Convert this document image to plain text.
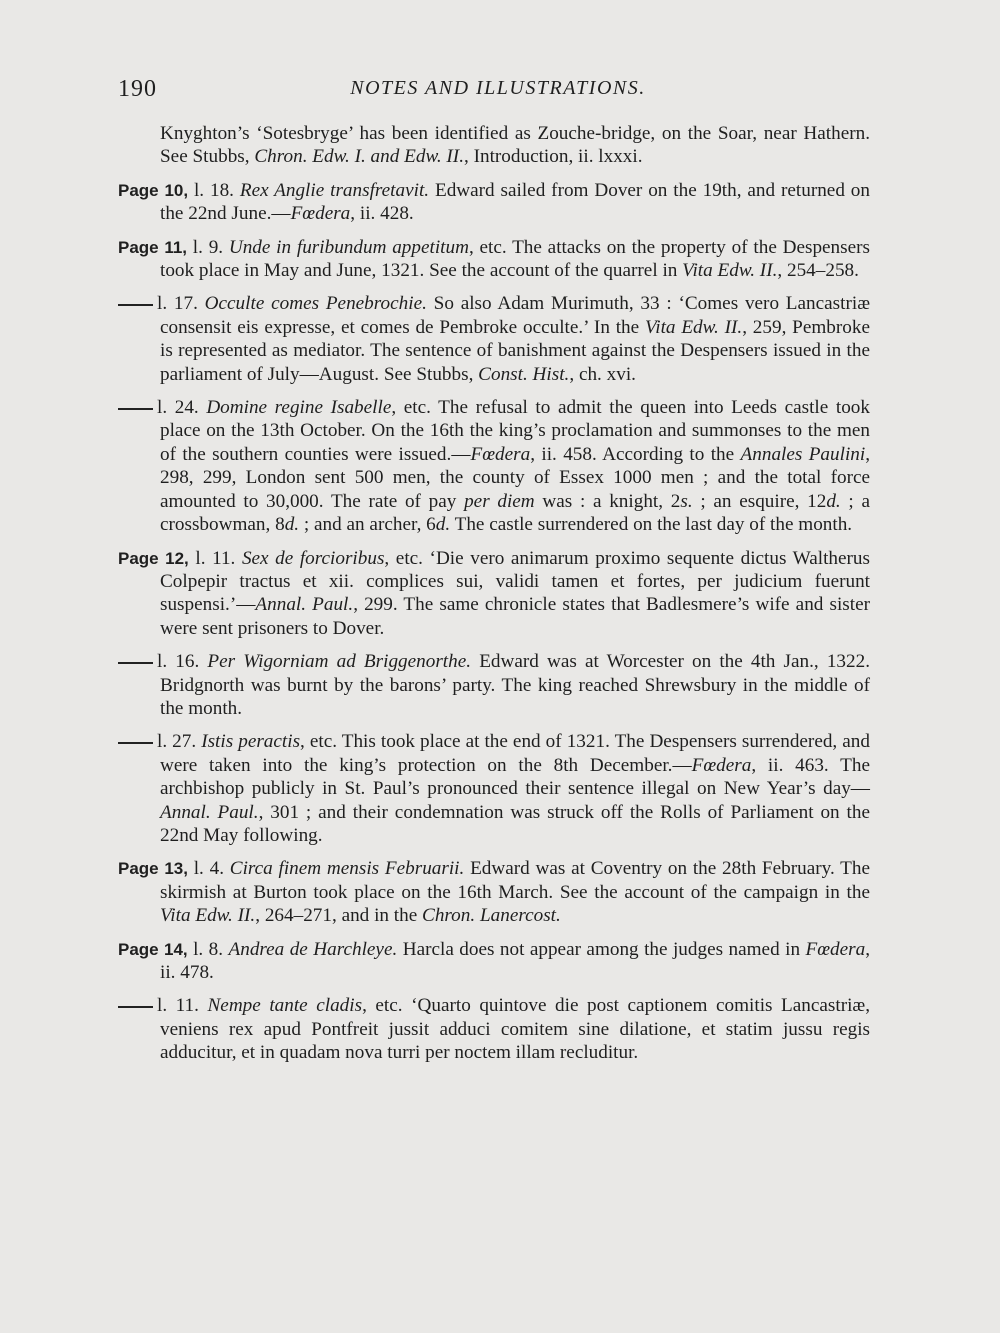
190	NOTES AND ILLUSTRATIONS.

Knyghton’s ‘Sotesbryge’ has been identified as Zouche-bridge, on the Soar, near Hathern. See Stubbs, Chron. Edw. I. and Edw. II., Introduction, ii. lxxxi.

Page 10, l. 18. Rex Anglie transfretavit. Edward sailed from Dover on the 19th, and returned on the 22nd June.—Fœdera, ii. 428.

Page 11, l. 9. Unde in furibundum appetitum, etc. The attacks on the property of the Despensers took place in May and June, 1321. See the account of the quarrel in Vita Edw. II., 254–258.

l. 17. Occulte comes Penebrochie. So also Adam Murimuth, 33 : ‘Comes vero Lancastriæ consensit eis expresse, et comes de Pembroke occulte.’ In the Vita Edw. II., 259, Pembroke is represented as mediator. The sentence of banishment against the Despensers issued in the parliament of July—August. See Stubbs, Const. Hist., ch. xvi.

l. 24. Domine regine Isabelle, etc. The refusal to admit the queen into Leeds castle took place on the 13th October. On the 16th the king’s proclamation and summonses to the men of the southern counties were issued.—Fœdera, ii. 458. According to the Annales Paulini, 298, 299, London sent 500 men, the county of Essex 1000 men ; and the total force amounted to 30,000. The rate of pay per diem was : a knight, 2s. ; an esquire, 12d. ; a crossbowman, 8d. ; and an archer, 6d. The castle surrendered on the last day of the month.

Page 12, l. 11. Sex de forcioribus, etc. ‘Die vero animarum proximo sequente dictus Waltherus Colpepir tractus et xii. complices sui, validi tamen et fortes, per judicium fuerunt suspensi.’—Annal. Paul., 299. The same chronicle states that Badlesmere’s wife and sister were sent prisoners to Dover.

l. 16. Per Wigorniam ad Briggenorthe. Edward was at Worcester on the 4th Jan., 1322. Bridgnorth was burnt by the barons’ party. The king reached Shrewsbury in the middle of the month.

l. 27. Istis peractis, etc. This took place at the end of 1321. The Despensers surrendered, and were taken into the king’s protection on the 8th December.—Fœdera, ii. 463. The archbishop publicly in St. Paul’s pronounced their sentence illegal on New Year’s day—Annal. Paul., 301 ; and their condemnation was struck off the Rolls of Parliament on the 22nd May following.

Page 13, l. 4. Circa finem mensis Februarii. Edward was at Coventry on the 28th February. The skirmish at Burton took place on the 16th March. See the account of the campaign in the Vita Edw. II., 264–271, and in the Chron. Lanercost.

Page 14, l. 8. Andrea de Harchleye. Harcla does not appear among the judges named in Fœdera, ii. 478.

l. 11. Nempe tante cladis, etc. ‘Quarto quintove die post captionem comitis Lancastriæ, veniens rex apud Pontfreit jussit adduci comitem sine dilatione, et statim jussu regis adducitur, et in quadam nova turri per noctem illam recluditur.
